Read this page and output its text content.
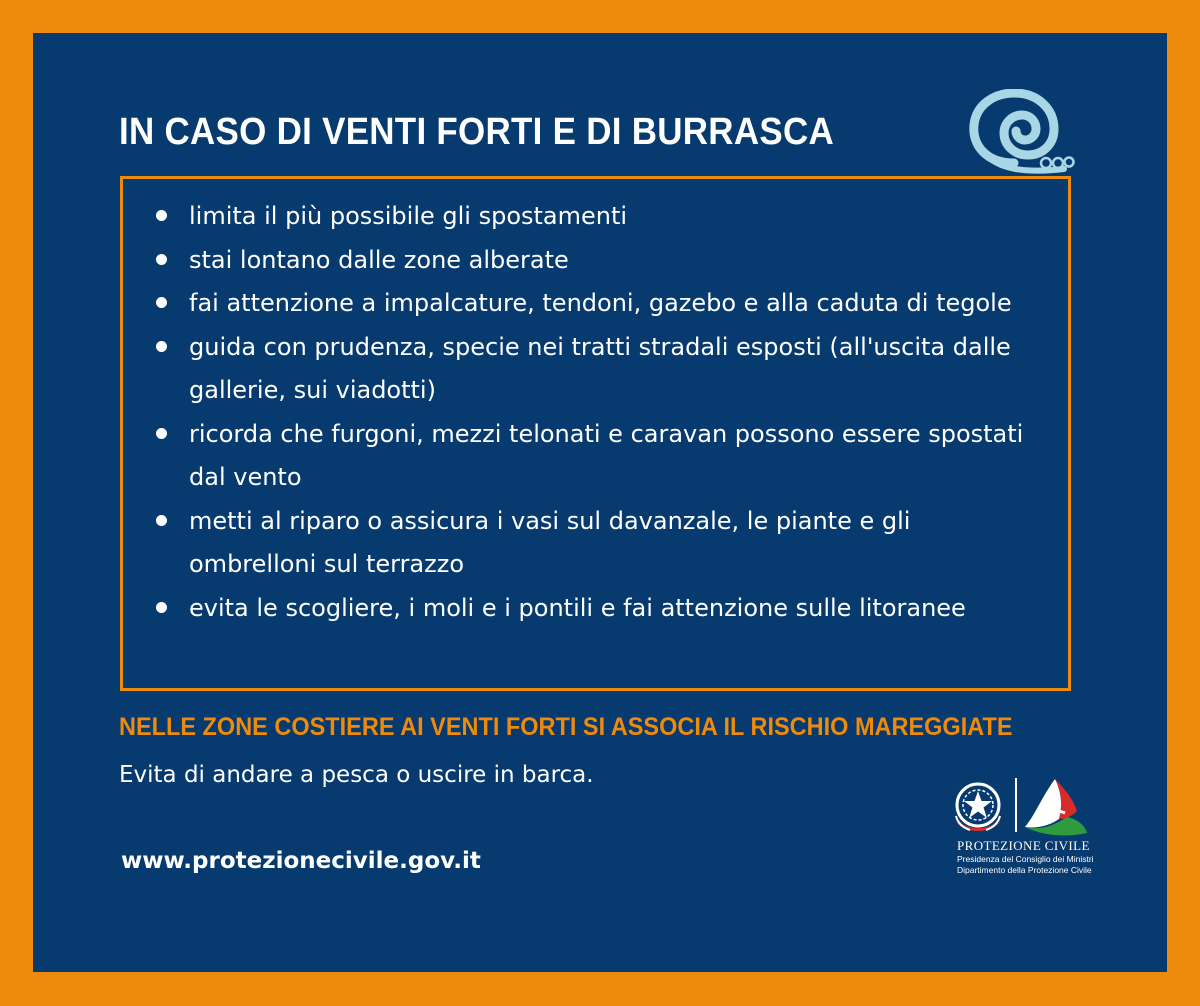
IN CASO DI VENTI FORTI E DI BURRASCA
limita il più possibile gli spostamenti
stai lontano dalle zone alberate
fai attenzione a impalcature, tendoni, gazebo e alla caduta di tegole
guida con prudenza, specie nei tratti stradali esposti (all'uscita dalle gallerie, sui viadotti)
ricorda che furgoni, mezzi telonati e caravan possono essere spostati dal vento
metti al riparo o assicura i vasi sul davanzale, le piante e gli ombrelloni sul terrazzo
evita le scogliere, i moli e i pontili e fai attenzione sulle litoranee

NELLE ZONE COSTIERE AI VENTI FORTI SI ASSOCIA IL RISCHIO MAREGGIATE

Evita di andare a pesca o uscire in barca.

www.protezionecivile.gov.it

PROTEZIONE CIVILE
Presidenza del Consiglio dei Ministri
Dipartimento della Protezione Civile
